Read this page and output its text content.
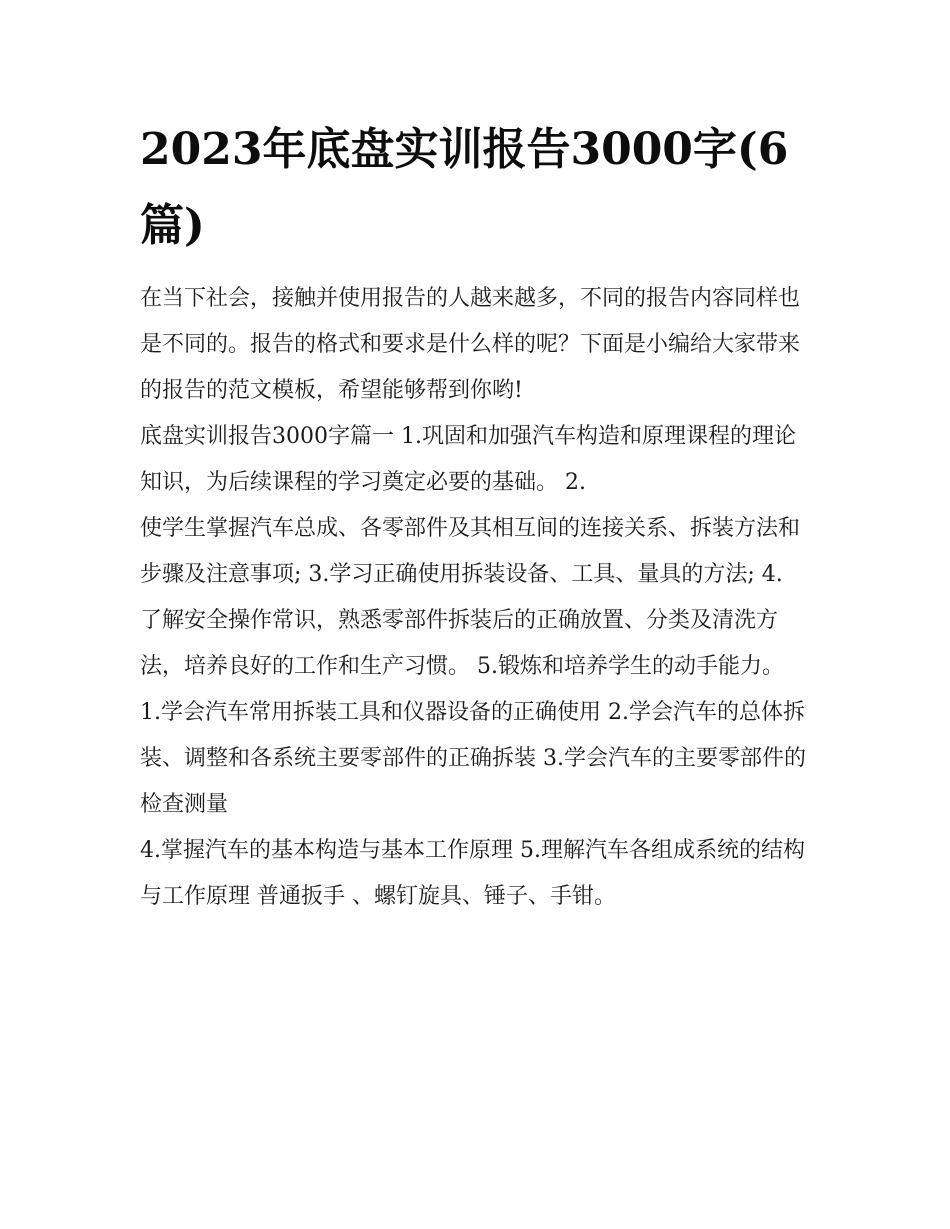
2023年底盘实训报告3000字(6篇)

在当下社会，接触并使用报告的人越来越多，不同的报告内容同样也是不同的。报告的格式和要求是什么样的呢？下面是小编给大家带来的报告的范文模板，希望能够帮到你哟!

底盘实训报告3000字篇一 1.巩固和加强汽车构造和原理课程的理论知识，为后续课程的学习奠定必要的基础。 2.

使学生掌握汽车总成、各零部件及其相互间的连接关系、拆装方法和步骤及注意事项; 3.学习正确使用拆装设备、工具、量具的方法; 4.

了解安全操作常识，熟悉零部件拆装后的正确放置、分类及清洗方法，培养良好的工作和生产习惯。 5.锻炼和培养学生的动手能力。

1.学会汽车常用拆装工具和仪器设备的正确使用 2.学会汽车的总体拆装、调整和各系统主要零部件的正确拆装 3.学会汽车的主要零部件的检查测量

4.掌握汽车的基本构造与基本工作原理 5.理解汽车各组成系统的结构与工作原理 普通扳手 、螺钉旋具、锤子、手钳。
